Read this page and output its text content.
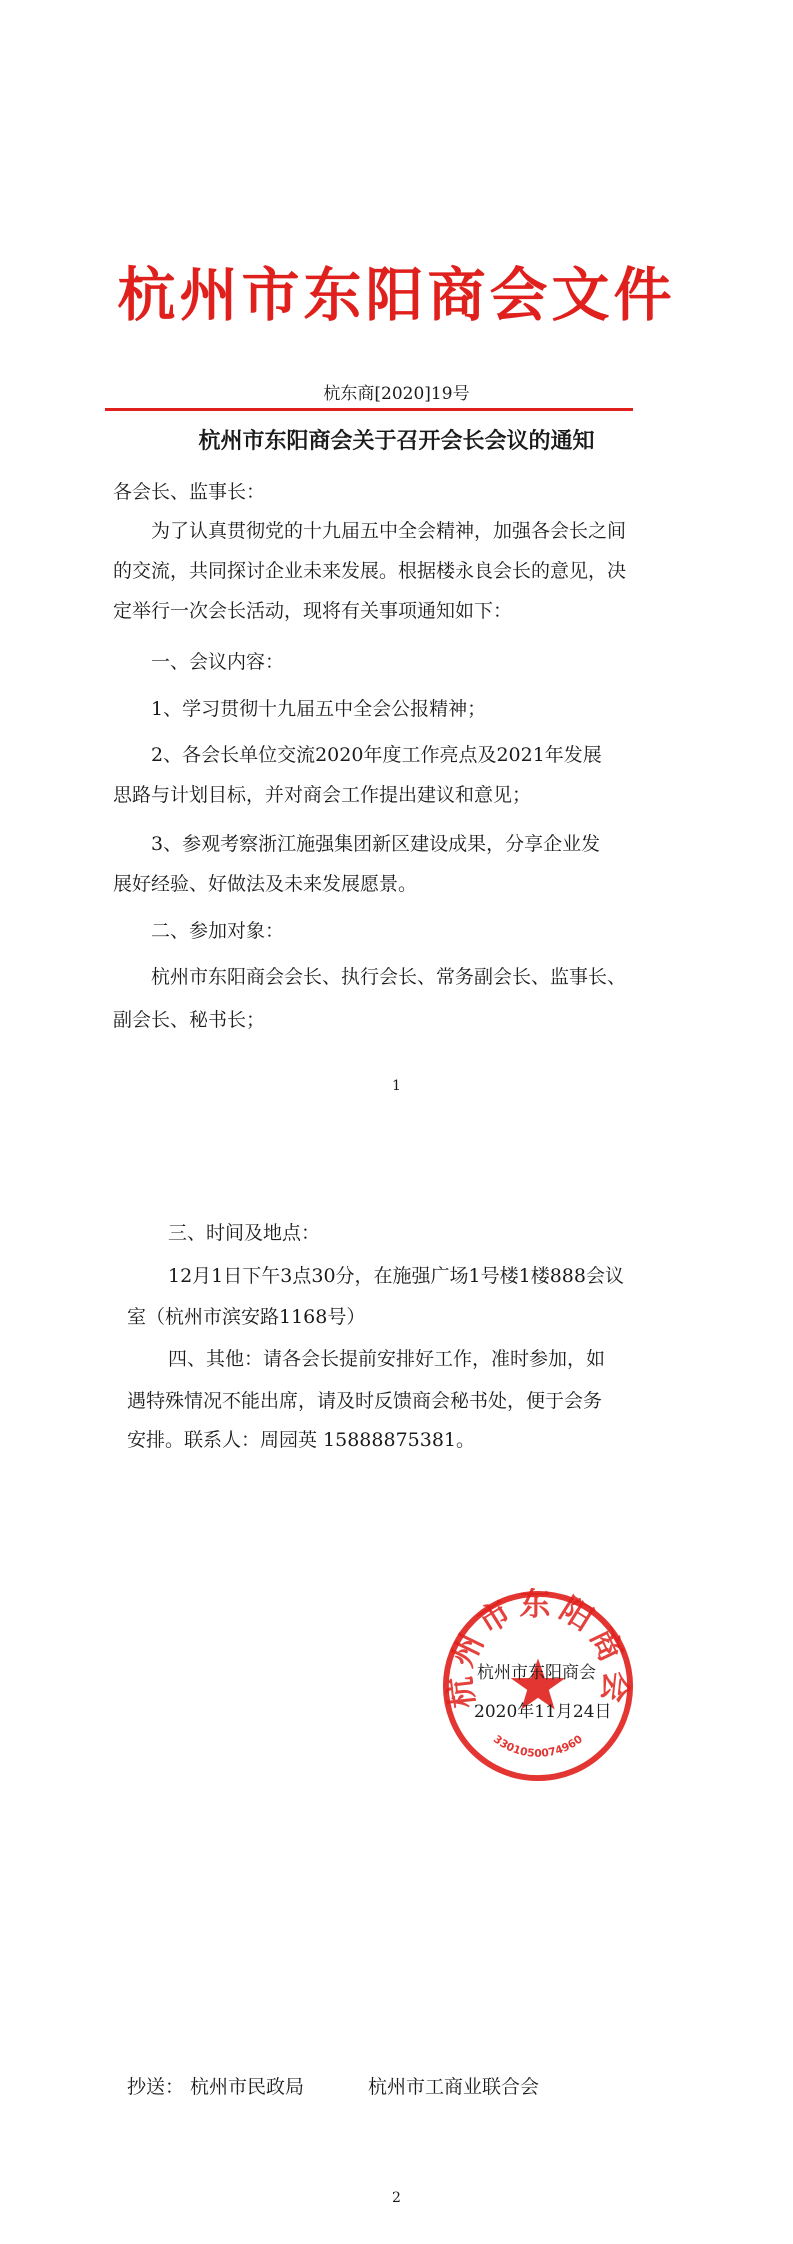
杭州市东阳商会文件
杭东商[2020]19号
杭州市东阳商会关于召开会长会议的通知
各会长、监事长：
为了认真贯彻党的十九届五中全会精神，加强各会长之间
的交流，共同探讨企业未来发展。根据楼永良会长的意见，决
定举行一次会长活动，现将有关事项通知如下：
一、会议内容：
1、学习贯彻十九届五中全会公报精神；
2、各会长单位交流2020年度工作亮点及2021年发展
思路与计划目标，并对商会工作提出建议和意见；
3、参观考察浙江施强集团新区建设成果，分享企业发
展好经验、好做法及未来发展愿景。
二、参加对象：
杭州市东阳商会会长、执行会长、常务副会长、监事长、
副会长、秘书长；
1
三、时间及地点：
12月1日下午3点30分，在施强广场1号楼1楼888会议
室（杭州市滨安路1168号）
四、其他：请各会长提前安排好工作，准时参加，如
遇特殊情况不能出席，请及时反馈商会秘书处，便于会务
安排。联系人：周园英 15888875381。
杭州市东阳商会
3301050074960
杭州市东阳商会
2020年11月24日
抄送： 杭州市民政局	杭州市工商业联合会
2
